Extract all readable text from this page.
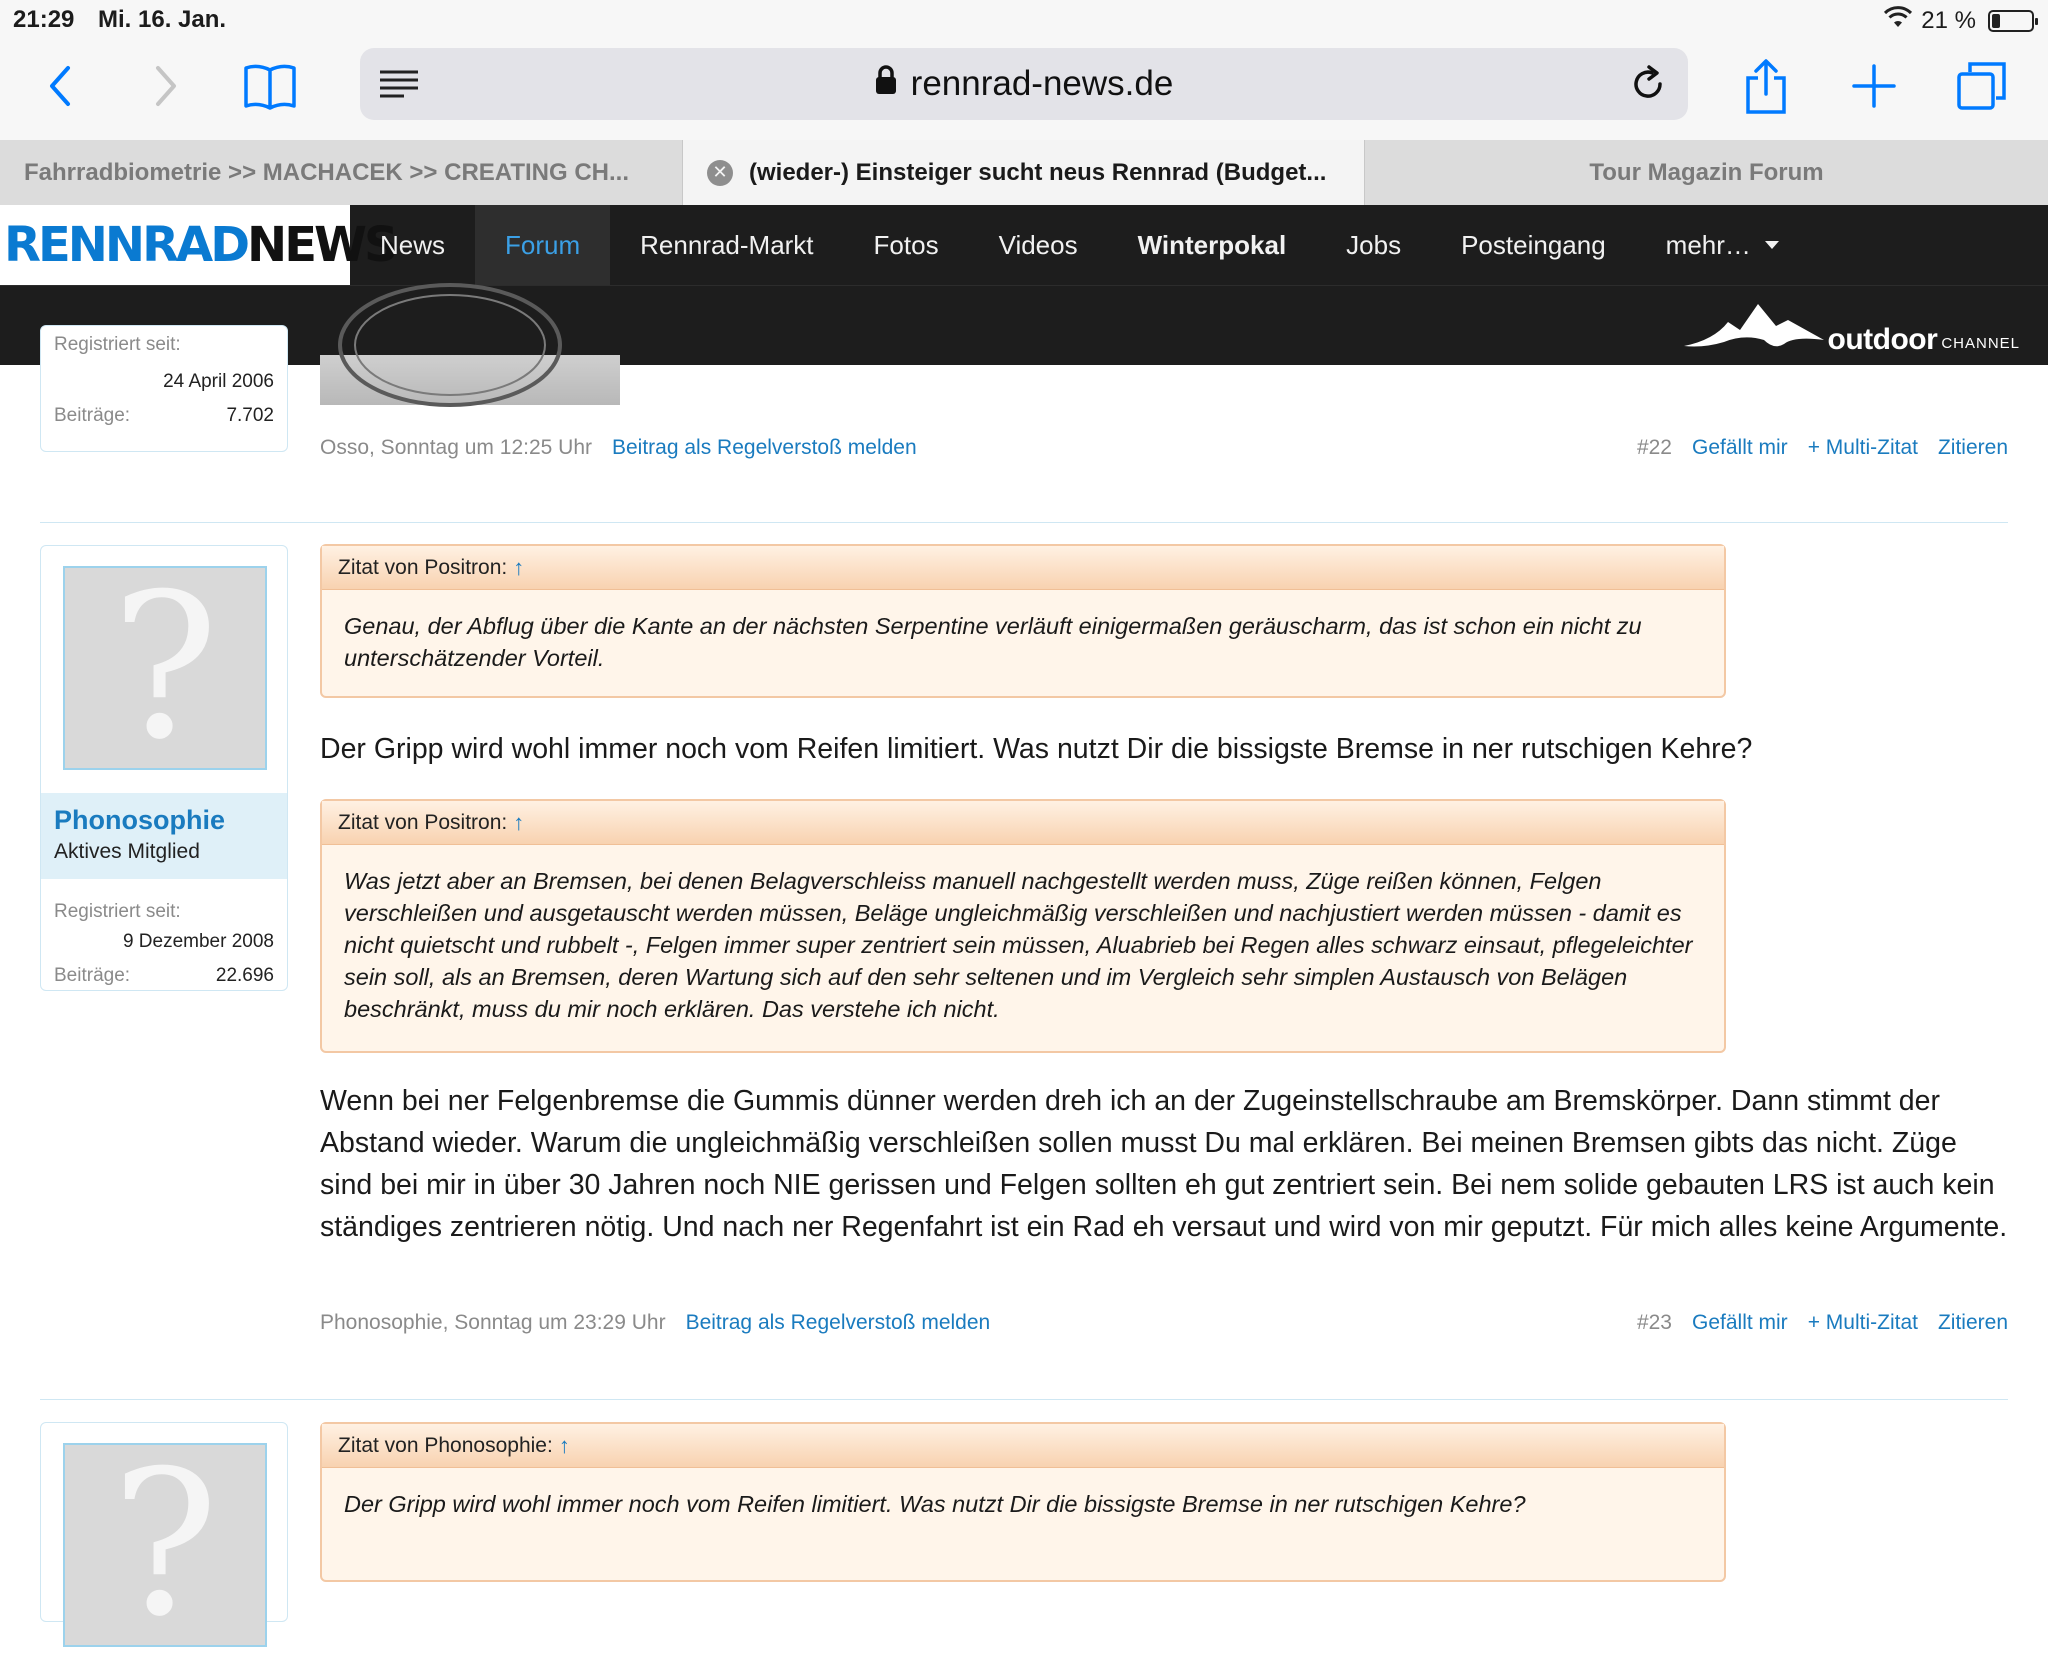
21:29 Mi. 16. Jan.	21 %
rennrad-news.de
Fahrradbiometrie >> MACHACEK >> CREATING CH...	✕ (wieder-) Einsteiger sucht neus Rennrad (Budget...	Tour Magazin Forum
RENNRAD NEWS
News Forum Rennrad-Markt Fotos Videos Winterpokal Jobs Posteingang mehr…
outdoor CHANNEL
Registriert seit:
24 April 2006
Beiträge:	7.702
Osso, Sonntag um 12:25 Uhr Beitrag als Regelverstoß melden	#22 Gefällt mir + Multi-Zitat Zitieren
?
Phonosophie
Aktives Mitglied
Registriert seit:
9 Dezember 2008
Beiträge:	22.696
Zitat von Positron: ↑
Genau, der Abflug über die Kante an der nächsten Serpentine verläuft einigermaßen geräuscharm, das ist schon ein nicht zu unterschätzender Vorteil.
Der Gripp wird wohl immer noch vom Reifen limitiert. Was nutzt Dir die bissigste Bremse in ner rutschigen Kehre?
Zitat von Positron: ↑
Was jetzt aber an Bremsen, bei denen Belagverschleiss manuell nachgestellt werden muss, Züge reißen können, Felgen verschleißen und ausgetauscht werden müssen, Beläge ungleichmäßig verschleißen und nachjustiert werden müssen - damit es nicht quietscht und rubbelt -, Felgen immer super zentriert sein müssen, Aluabrieb bei Regen alles schwarz einsaut, pflegeleichter sein soll, als an Bremsen, deren Wartung sich auf den sehr seltenen und im Vergleich sehr simplen Austausch von Belägen beschränkt, muss du mir noch erklären. Das verstehe ich nicht.
Wenn bei ner Felgenbremse die Gummis dünner werden dreh ich an der Zugeinstellschraube am Bremskörper. Dann stimmt der Abstand wieder. Warum die ungleichmäßig verschleißen sollen musst Du mal erklären. Bei meinen Bremsen gibts das nicht. Züge sind bei mir in über 30 Jahren noch NIE gerissen und Felgen sollten eh gut zentriert sein. Bei nem solide gebauten LRS ist auch kein ständiges zentrieren nötig. Und nach ner Regenfahrt ist ein Rad eh versaut und wird von mir geputzt. Für mich alles keine Argumente.
Phonosophie, Sonntag um 23:29 Uhr Beitrag als Regelverstoß melden	#23 Gefällt mir + Multi-Zitat Zitieren
?	Zitat von Phonosophie: ↑
Der Gripp wird wohl immer noch vom Reifen limitiert. Was nutzt Dir die bissigste Bremse in ner rutschigen Kehre?
